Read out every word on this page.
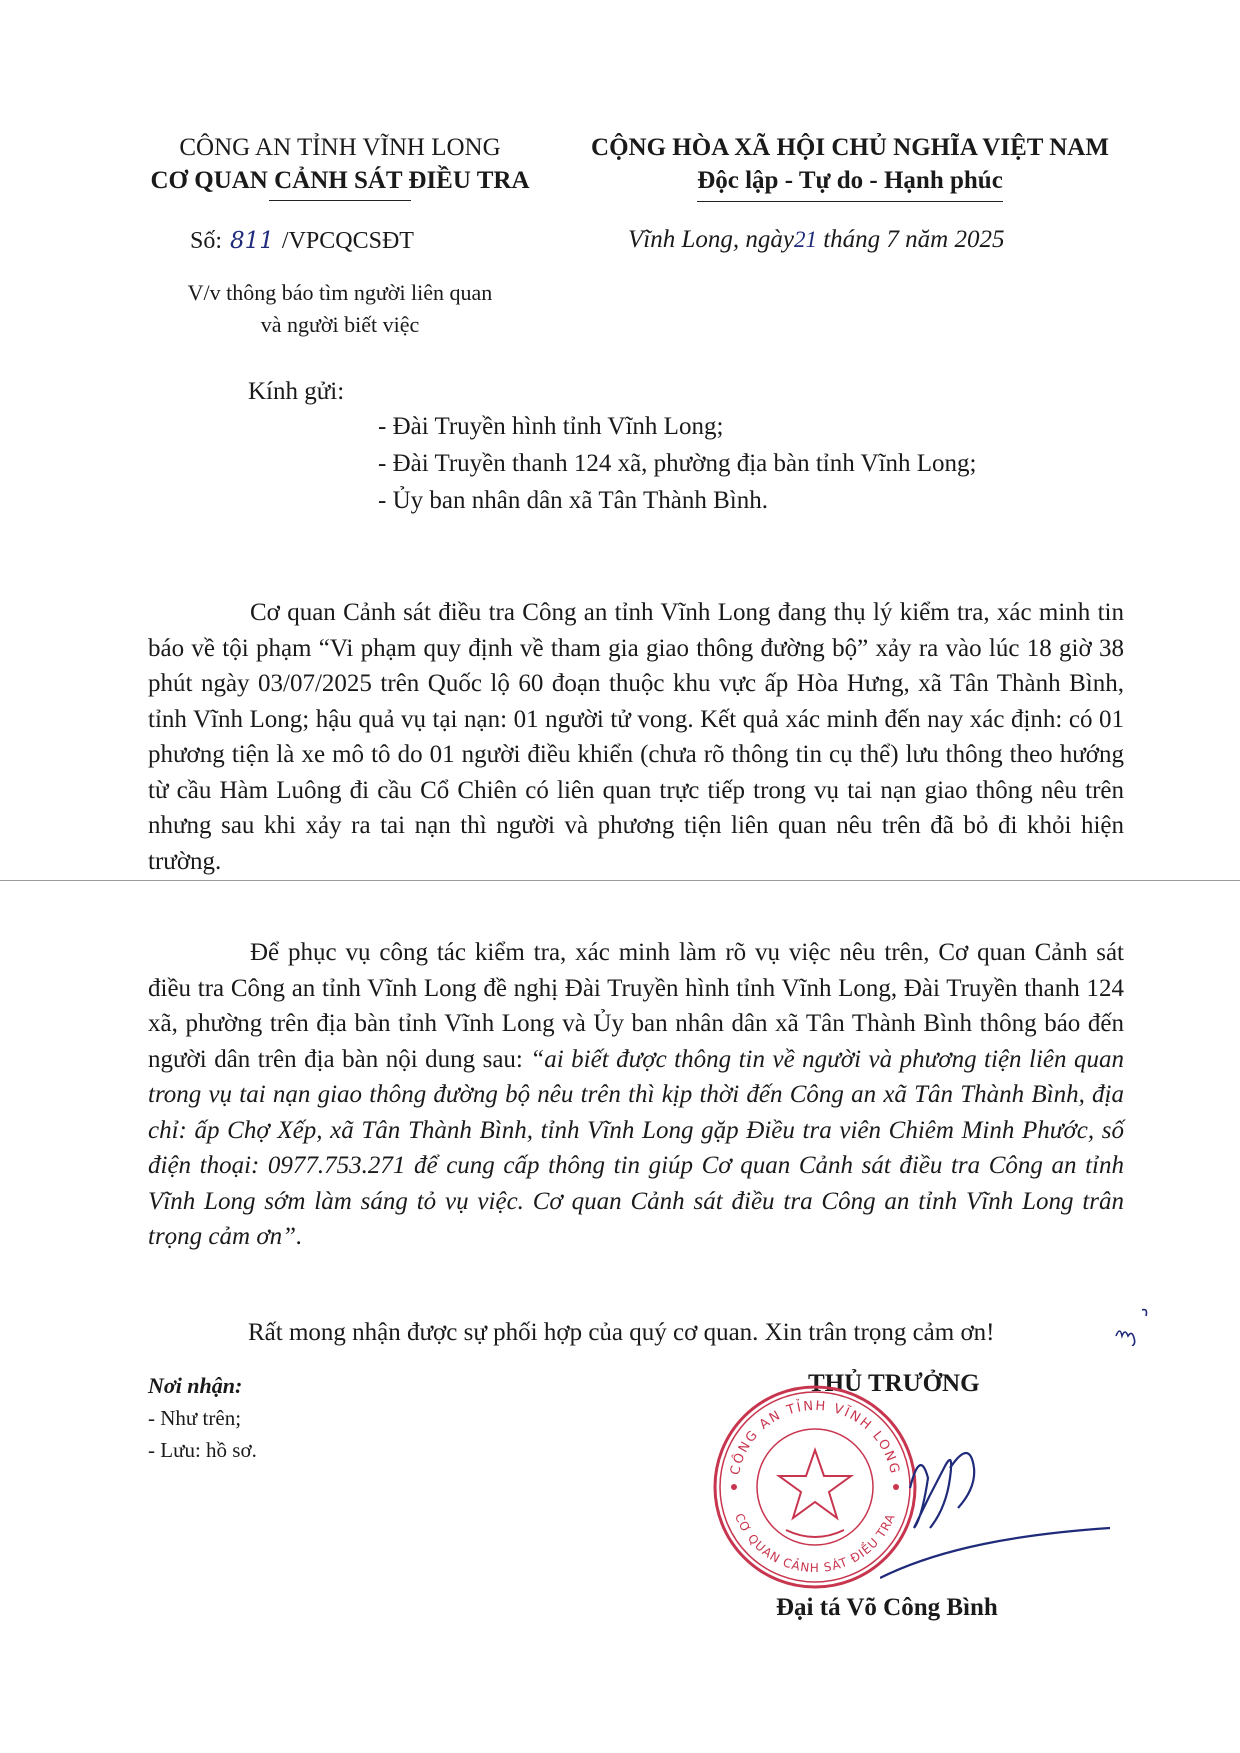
CÔNG AN TỈNH VĨNH LONG
CƠ QUAN CẢNH SÁT ĐIỀU TRA
CỘNG HÒA XÃ HỘI CHỦ NGHĨA VIỆT NAM
Độc lập - Tự do - Hạnh phúc
Số: 811 /VPCQCSĐT	Vĩnh Long, ngày21 tháng 7 năm 2025
V/v thông báo tìm người liên quan
và người biết việc
Kính gửi:
- Đài Truyền hình tỉnh Vĩnh Long;
- Đài Truyền thanh 124 xã, phường địa bàn tỉnh Vĩnh Long;
- Ủy ban nhân dân xã Tân Thành Bình.

Cơ quan Cảnh sát điều tra Công an tỉnh Vĩnh Long đang thụ lý kiểm tra, xác minh tin báo về tội phạm “Vi phạm quy định về tham gia giao thông đường bộ” xảy ra vào lúc 18 giờ 38 phút ngày 03/07/2025 trên Quốc lộ 60 đoạn thuộc khu vực ấp Hòa Hưng, xã Tân Thành Bình, tỉnh Vĩnh Long; hậu quả vụ tại nạn: 01 người tử vong. Kết quả xác minh đến nay xác định: có 01 phương tiện là xe mô tô do 01 người điều khiển (chưa rõ thông tin cụ thể) lưu thông theo hướng từ cầu Hàm Luông đi cầu Cổ Chiên có liên quan trực tiếp trong vụ tai nạn giao thông nêu trên nhưng sau khi xảy ra tai nạn thì người và phương tiện liên quan nêu trên đã bỏ đi khỏi hiện trường.

Để phục vụ công tác kiểm tra, xác minh làm rõ vụ việc nêu trên, Cơ quan Cảnh sát điều tra Công an tỉnh Vĩnh Long đề nghị Đài Truyền hình tỉnh Vĩnh Long, Đài Truyền thanh 124 xã, phường trên địa bàn tỉnh Vĩnh Long và Ủy ban nhân dân xã Tân Thành Bình thông báo đến người dân trên địa bàn nội dung sau: “ai biết được thông tin về người và phương tiện liên quan trong vụ tai nạn giao thông đường bộ nêu trên thì kịp thời đến Công an xã Tân Thành Bình, địa chỉ: ấp Chợ Xếp, xã Tân Thành Bình, tỉnh Vĩnh Long gặp Điều tra viên Chiêm Minh Phước, số điện thoại: 0977.753.271 để cung cấp thông tin giúp Cơ quan Cảnh sát điều tra Công an tỉnh Vĩnh Long sớm làm sáng tỏ vụ việc. Cơ quan Cảnh sát điều tra Công an tỉnh Vĩnh Long trân trọng cảm ơn”.

Rất mong nhận được sự phối hợp của quý cơ quan. Xin trân trọng cảm ơn!
Nơi nhận:
- Như trên;
- Lưu: hồ sơ.
THỦ TRƯỞNG
CÔNG AN TỈNH VĨNH LONG
CƠ QUAN CẢNH SÁT ĐIỀU TRA
Đại tá Võ Công Bình
